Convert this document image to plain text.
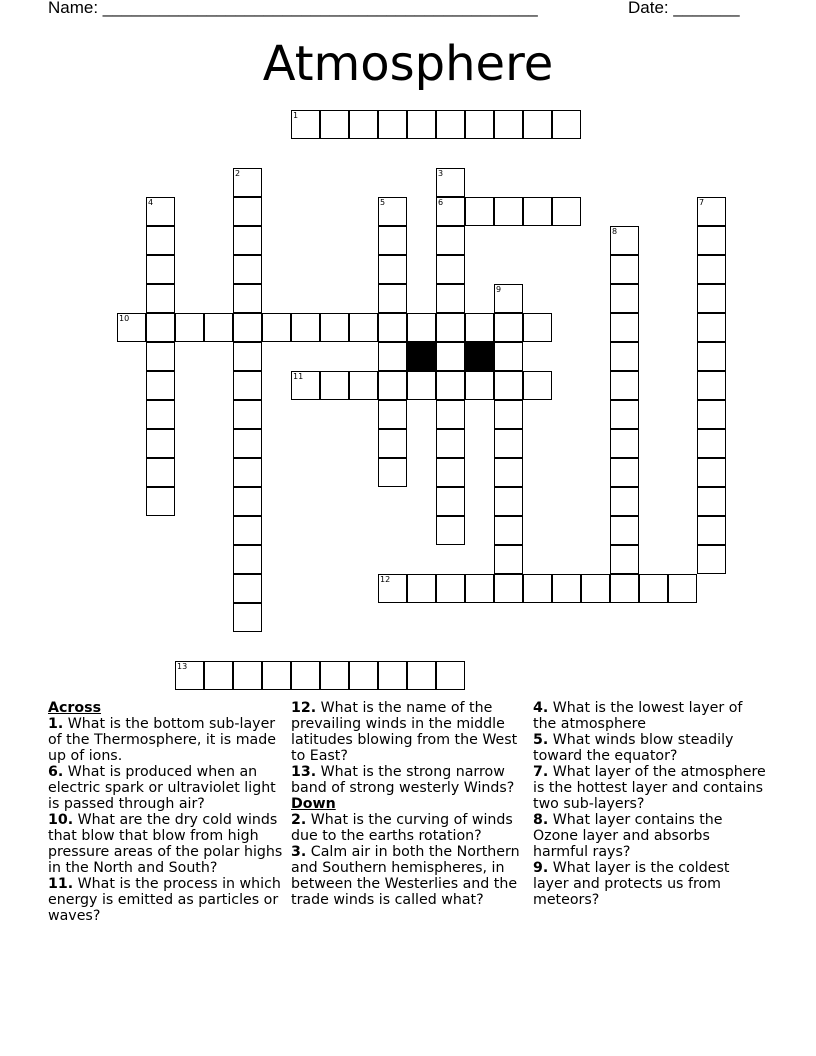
Name: ______________________________________________	Date: _______
Atmosphere
1
2	3
6
4	5	7
8
9
10
11
12
13
Across
1. What is the bottom sub-layer of the Thermosphere, it is made up of ions.
6. What is produced when an electric spark or ultraviolet light is passed through air?
10. What are the dry cold winds that blow that blow from high pressure areas of the polar highs in the North and South?
11. What is the process in which energy is emitted as particles or waves?
12. What is the name of the prevailing winds in the middle latitudes blowing from the West to East?
13. What is the strong narrow band of strong westerly Winds?
Down
2. What is the curving of winds due to the earths rotation?
3. Calm air in both the Northern and Southern hemispheres, in between the Westerlies and the trade winds is called what?
4. What is the lowest layer of the atmosphere
5. What winds blow steadily toward the equator?
7. What layer of the atmosphere is the hottest layer and contains two sub-layers?
8. What layer contains the Ozone layer and absorbs harmful rays?
9. What layer is the coldest layer and protects us from meteors?
